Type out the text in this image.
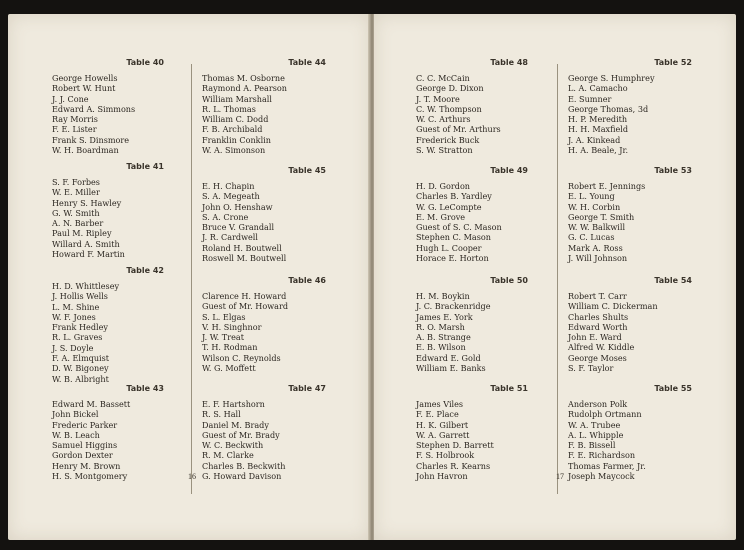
Table 40
George Howells
Robert W. Hunt
J. J. Cone
Edward A. Simmons
Ray Morris
F. E. Lister
Frank S. Dinsmore
W. H. Boardman
Table 41
S. F. Forbes
W. E. Miller
Henry S. Hawley
G. W. Smith
A. N. Barber
Paul M. Ripley
Willard A. Smith
Howard F. Martin
Table 42
H. D. Whittlesey
J. Hollis Wells
L. M. Shine
W. F. Jones
Frank Hedley
R. L. Graves
J. S. Doyle
F. A. Elmquist
D. W. Bigoney
W. B. Albright
Table 43
Edward M. Bassett
John Bickel
Frederic Parker
W. B. Leach
Samuel Higgins
Gordon Dexter
Henry M. Brown
H. S. Montgomery
Table 44
Thomas M. Osborne
Raymond A. Pearson
William Marshall
R. L. Thomas
William C. Dodd
F. B. Archibald
Franklin Conklin
W. A. Simonson
Table 45
E. H. Chapin
S. A. Megeath
John O. Henshaw
S. A. Crone
Bruce V. Grandall
J. R. Cardwell
Roland H. Boutwell
Roswell M. Boutwell
Table 46
Clarence H. Howard
Guest of Mr. Howard
S. L. Elgas
V. H. Singhnor
J. W. Treat
T. H. Rodman
Wilson C. Reynolds
W. G. Moffett
Table 47
E. F. Hartshorn
R. S. Hall
Daniel M. Brady
Guest of Mr. Brady
W. C. Beckwith
R. M. Clarke
Charles B. Beckwith
G. Howard Davison
16
Table 48
C. C. McCain
George D. Dixon
J. T. Moore
C. W. Thompson
W. C. Arthurs
Guest of Mr. Arthurs
Frederick Buck
S. W. Stratton
Table 49
H. D. Gordon
Charles B. Yardley
W. G. LeCompte
E. M. Grove
Guest of S. C. Mason
Stephen C. Mason
Hugh L. Cooper
Horace E. Horton
Table 50
H. M. Boykin
J. C. Brackenridge
James E. York
R. O. Marsh
A. B. Strange
E. B. Wilson
Edward E. Gold
William E. Banks
Table 51
James Viles
F. E. Place
H. K. Gilbert
W. A. Garrett
Stephen D. Barrett
F. S. Holbrook
Charles R. Kearns
John Havron
Table 52
George S. Humphrey
L. A. Camacho
E. Sumner
George Thomas, 3d
H. P. Meredith
H. H. Maxfield
J. A. Kinkead
H. A. Beale, Jr.
Table 53
Robert E. Jennings
E. L. Young
W. H. Corbin
George T. Smith
W. W. Balkwill
G. C. Lucas
Mark A. Ross
J. Will Johnson
Table 54
Robert T. Carr
William C. Dickerman
Charles Shults
Edward Worth
John E. Ward
Alfred W. Kiddle
George Moses
S. F. Taylor
Table 55
Anderson Polk
Rudolph Ortmann
W. A. Trubee
A. L. Whipple
F. B. Bissell
F. E. Richardson
Thomas Farmer, Jr.
Joseph Maycock
17
